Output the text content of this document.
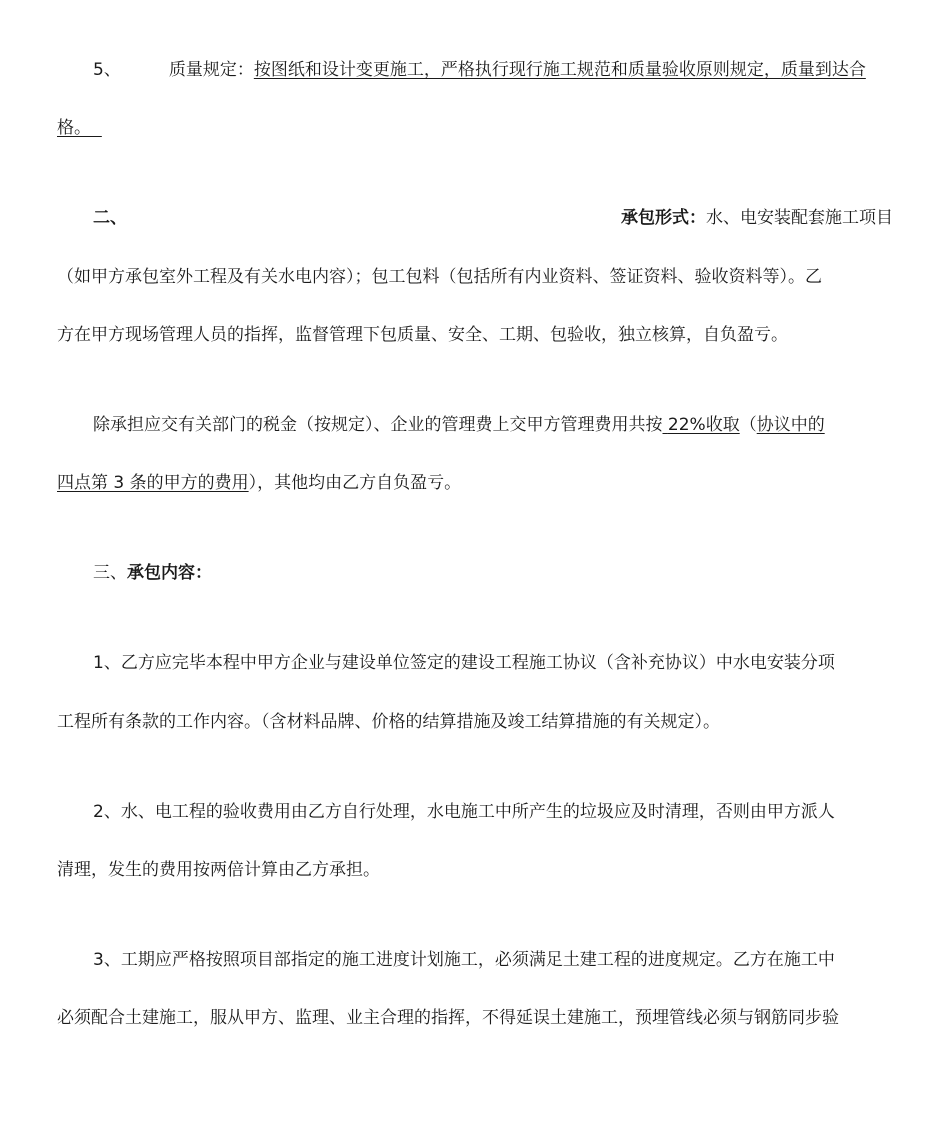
5、	质量规定：按图纸和设计变更施工，严格执行现行施工规范和质量验收原则规定，质量到达合
格。
二、	承包形式：水、电安装配套施工项目
（如甲方承包室外工程及有关水电内容）；包工包料（包括所有内业资料、签证资料、验收资料等）。乙
方在甲方现场管理人员的指挥，监督管理下包质量、安全、工期、包验收，独立核算，自负盈亏。
除承担应交有关部门的税金（按规定）、企业的管理费上交甲方管理费用共按 22%收取（协议中的
四点第 3 条的甲方的费用），其他均由乙方自负盈亏。
三、承包内容：
1、乙方应完毕本程中甲方企业与建设单位签定的建设工程施工协议（含补充协议）中水电安装分项
工程所有条款的工作内容。（含材料品牌、价格的结算措施及竣工结算措施的有关规定）。
2、水、电工程的验收费用由乙方自行处理，水电施工中所产生的垃圾应及时清理，否则由甲方派人
清理，发生的费用按两倍计算由乙方承担。
3、工期应严格按照项目部指定的施工进度计划施工，必须满足土建工程的进度规定。乙方在施工中
必须配合土建施工，服从甲方、监理、业主合理的指挥，不得延误土建施工，预埋管线必须与钢筋同步验
